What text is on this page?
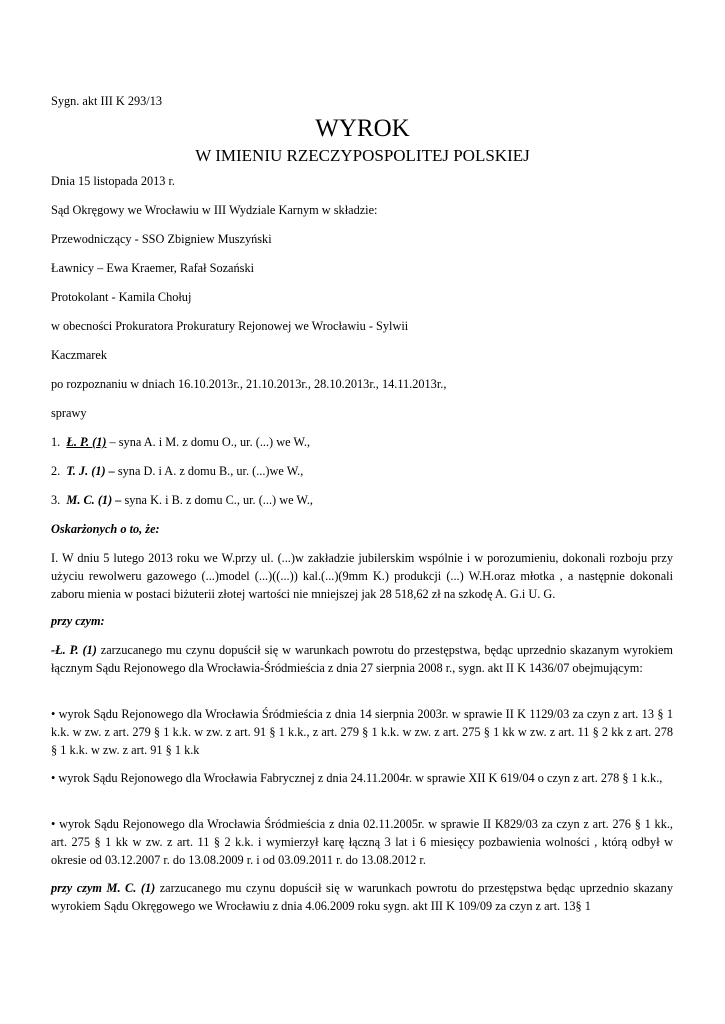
Sygn. akt III K 293/13

WYROK

W IMIENIU RZECZYPOSPOLITEJ POLSKIEJ

Dnia 15 listopada 2013 r.

Sąd Okręgowy we Wrocławiu w III Wydziale Karnym w składzie:

Przewodniczący - SSO Zbigniew Muszyński

Ławnicy – Ewa Kraemer, Rafał Sozański

Protokolant - Kamila Chołuj

w obecności Prokuratora Prokuratury Rejonowej we Wrocławiu - Sylwii

Kaczmarek

po rozpoznaniu w dniach 16.10.2013r., 21.10.2013r., 28.10.2013r., 14.11.2013r.,

sprawy

1. Ł. P. (1) – syna A. i M. z domu O., ur. (...) we W.,

2. T. J. (1) – syna D. i A. z domu B., ur. (...)we W.,

3. M. C. (1) – syna K. i B. z domu C., ur. (...) we W.,

Oskarżonych o to, że:

I. W dniu 5 lutego 2013 roku we W.przy ul. (...)w zakładzie jubilerskim wspólnie i w porozumieniu, dokonali rozboju przy użyciu rewolweru gazowego (...)model (...)((...)) kal.(...)(9mm K.) produkcji (...) W.H.oraz młotka , a następnie dokonali zaboru mienia w postaci biżuterii złotej wartości nie mniejszej jak 28 518,62 zł na szkodę A. G.i U. G.

przy czym:

-Ł. P. (1) zarzucanego mu czynu dopuścił się w warunkach powrotu do przestępstwa, będąc uprzednio skazanym wyrokiem łącznym Sądu Rejonowego dla Wrocławia-Śródmieścia z dnia 27 sierpnia 2008 r., sygn. akt II K 1436/07 obejmującym:

• wyrok Sądu Rejonowego dla Wrocławia Śródmieścia z dnia 14 sierpnia 2003r. w sprawie II K 1129/03 za czyn z art. 13 § 1 k.k. w zw. z art. 279 § 1 k.k. w zw. z art. 91 § 1 k.k., z art. 279 § 1 k.k. w zw. z art. 275 § 1 kk w zw. z art. 11 § 2 kk z art. 278 § 1 k.k. w zw. z art. 91 § 1 k.k

• wyrok Sądu Rejonowego dla Wrocławia Fabrycznej z dnia 24.11.2004r. w sprawie XII K 619/04 o czyn z art. 278 § 1 k.k.,

• wyrok Sądu Rejonowego dla Wrocławia Śródmieścia z dnia 02.11.2005r. w sprawie II K829/03 za czyn z art. 276 § 1 kk., art. 275 § 1 kk w zw. z art. 11 § 2 k.k. i wymierzył karę łączną 3 lat i 6 miesięcy pozbawienia wolności , którą odbył w okresie od 03.12.2007 r. do 13.08.2009 r. i od 03.09.2011 r. do 13.08.2012 r.

przy czym M. C. (1) zarzucanego mu czynu dopuścił się w warunkach powrotu do przestępstwa będąc uprzednio skazany wyrokiem Sądu Okręgowego we Wrocławiu z dnia 4.06.2009 roku sygn. akt III K 109/09 za czyn z art. 13§ 1
